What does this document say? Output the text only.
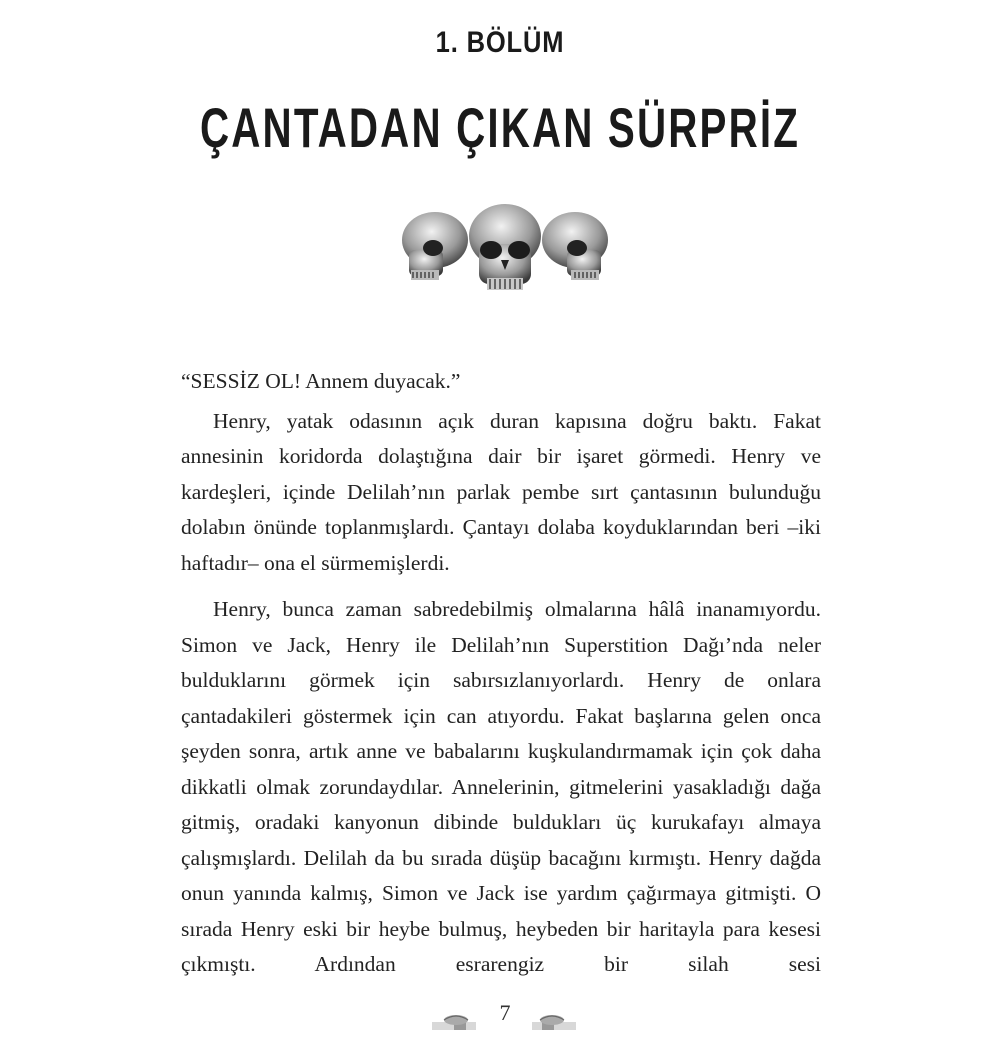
1. BÖLÜM
ÇANTADAN ÇIKAN SÜRPRİZ

“SESSİZ OL! Annem duyacak.”

Henry, yatak odasının açık duran kapısına doğru baktı. Fakat annesinin koridorda dolaştığına dair bir işaret görmedi. Henry ve kardeşleri, içinde Delilah’nın parlak pembe sırt çantasının bulunduğu dolabın önünde toplanmışlardı. Çantayı dolaba koyduklarından beri –iki haftadır– ona el sürmemişlerdi.

Henry, bunca zaman sabredebilmiş olmalarına hâlâ inanamıyordu. Simon ve Jack, Henry ile Delilah’nın Superstition Dağı’nda neler bulduklarını görmek için sabırsızlanıyorlardı. Henry de onlara çantadakileri göstermek için can atıyordu. Fakat başlarına gelen onca şeyden sonra, artık anne ve babalarını kuşkulandırmamak için çok daha dikkatli olmak zorundaydılar. Annelerinin, gitmelerini yasakladığı dağa gitmiş, oradaki kanyonun dibinde buldukları üç kurukafayı almaya çalışmışlardı. Delilah da bu sırada düşüp bacağını kırmıştı. Henry dağda onun yanında kalmış, Simon ve Jack ise yardım çağırmaya gitmişti. O sırada Henry eski bir heybe bulmuş, heybeden bir haritayla para kesesi çıkmıştı. Ardından esrarengiz bir silah sesi

7
